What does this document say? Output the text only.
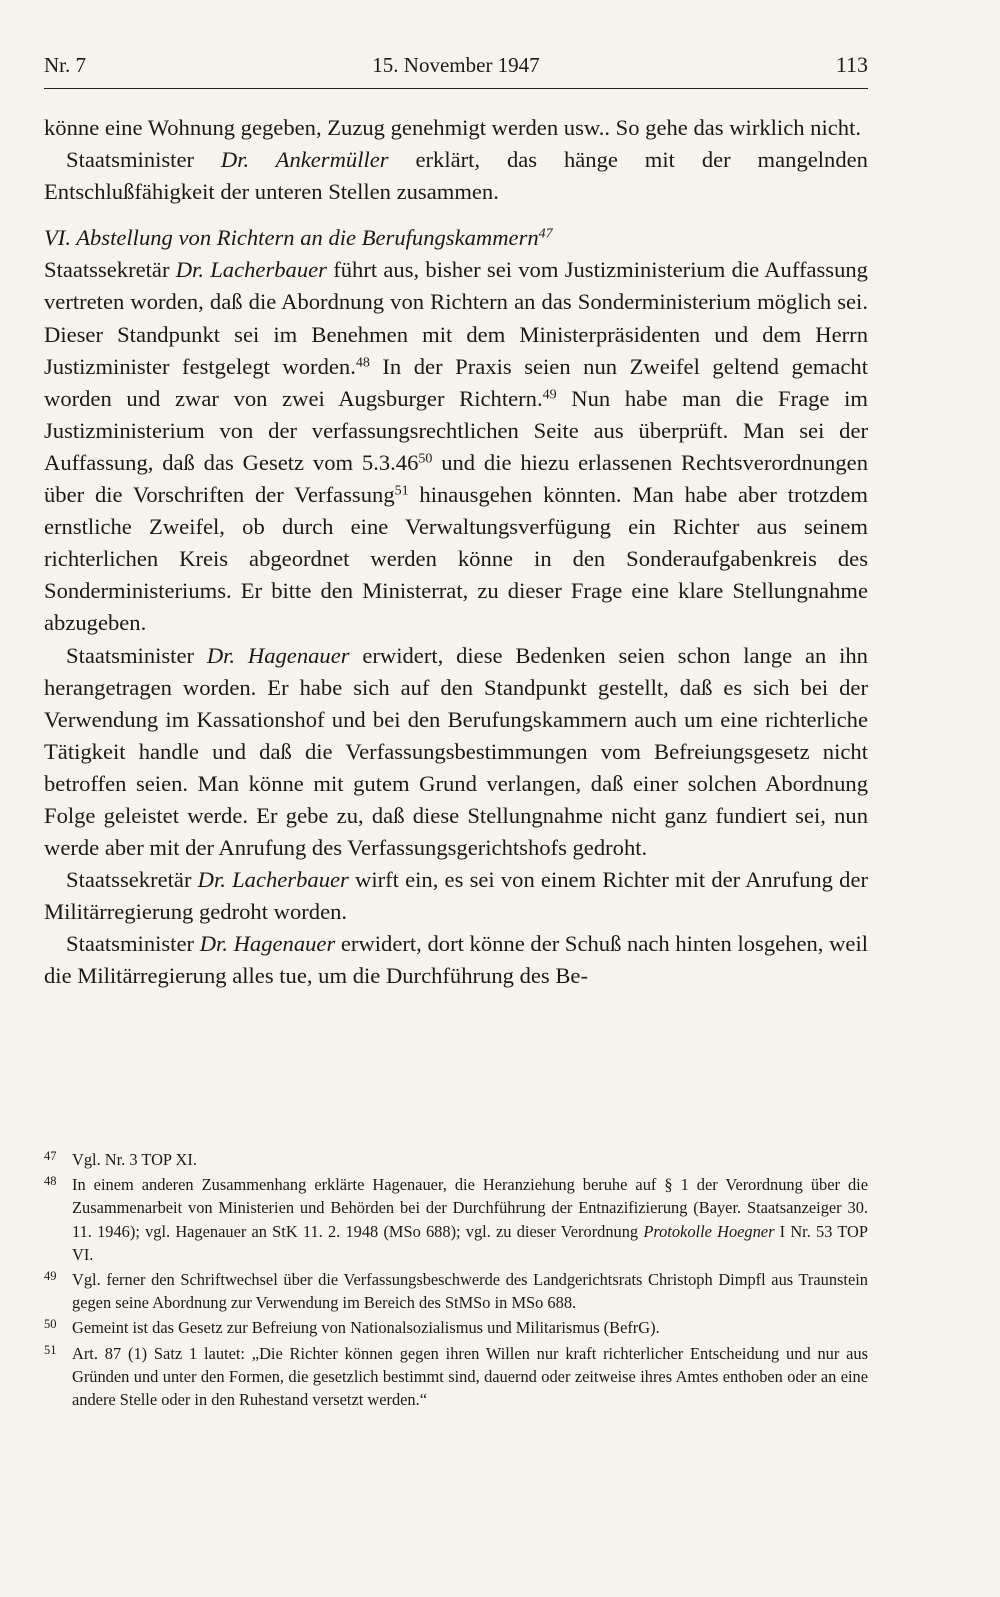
Nr. 7	15. November 1947	113

könne eine Wohnung gegeben, Zuzug genehmigt werden usw.. So gehe das wirklich nicht.

Staatsminister Dr. Ankermüller erklärt, das hänge mit der mangelnden Entschlußfähigkeit der unteren Stellen zusammen.

VI. Abstellung von Richtern an die Berufungskammern$^{47}$

Staatssekretär Dr. Lacherbauer führt aus, bisher sei vom Justizministerium die Auffassung vertreten worden, daß die Abordnung von Richtern an das Sonderministerium möglich sei. Dieser Standpunkt sei im Benehmen mit dem Ministerpräsidenten und dem Herrn Justizminister festgelegt worden.$^{48}$ In der Praxis seien nun Zweifel geltend gemacht worden und zwar von zwei Augsburger Richtern.$^{49}$ Nun habe man die Frage im Justizministerium von der verfassungsrechtlichen Seite aus überprüft. Man sei der Auffassung, daß das Gesetz vom 5.3.46$^{50}$ und die hiezu erlassenen Rechtsverordnungen über die Vorschriften der Verfassung$^{51}$ hinausgehen könnten. Man habe aber trotzdem ernstliche Zweifel, ob durch eine Verwaltungsverfügung ein Richter aus seinem richterlichen Kreis abgeordnet werden könne in den Sonderaufgabenkreis des Sonderministeriums. Er bitte den Ministerrat, zu dieser Frage eine klare Stellungnahme abzugeben.

Staatsminister Dr. Hagenauer erwidert, diese Bedenken seien schon lange an ihn herangetragen worden. Er habe sich auf den Standpunkt gestellt, daß es sich bei der Verwendung im Kassationshof und bei den Berufungskammern auch um eine richterliche Tätigkeit handle und daß die Verfassungsbestimmungen vom Befreiungsgesetz nicht betroffen seien. Man könne mit gutem Grund verlangen, daß einer solchen Abordnung Folge geleistet werde. Er gebe zu, daß diese Stellungnahme nicht ganz fundiert sei, nun werde aber mit der Anrufung des Verfassungsgerichtshofs gedroht.

Staatssekretär Dr. Lacherbauer wirft ein, es sei von einem Richter mit der Anrufung der Militärregierung gedroht worden.

Staatsminister Dr. Hagenauer erwidert, dort könne der Schuß nach hinten losgehen, weil die Militärregierung alles tue, um die Durchführung des Be-

47 Vgl. Nr. 3 TOP XI.
48 In einem anderen Zusammenhang erklärte Hagenauer, die Heranziehung beruhe auf § 1 der Verordnung über die Zusammenarbeit von Ministerien und Behörden bei der Durchführung der Entnazifizierung (Bayer. Staatsanzeiger 30. 11. 1946); vgl. Hagenauer an StK 11. 2. 1948 (MSo 688); vgl. zu dieser Verordnung Protokolle Hoegner I Nr. 53 TOP VI.
49 Vgl. ferner den Schriftwechsel über die Verfassungsbeschwerde des Landgerichtsrats Christoph Dimpfl aus Traunstein gegen seine Abordnung zur Verwendung im Bereich des StMSo in MSo 688.
50 Gemeint ist das Gesetz zur Befreiung von Nationalsozialismus und Militarismus (BefrG).
51 Art. 87 (1) Satz 1 lautet: „Die Richter können gegen ihren Willen nur kraft richterlicher Entscheidung und nur aus Gründen und unter den Formen, die gesetzlich bestimmt sind, dauernd oder zeitweise ihres Amtes enthoben oder an eine andere Stelle oder in den Ruhestand versetzt werden.“
